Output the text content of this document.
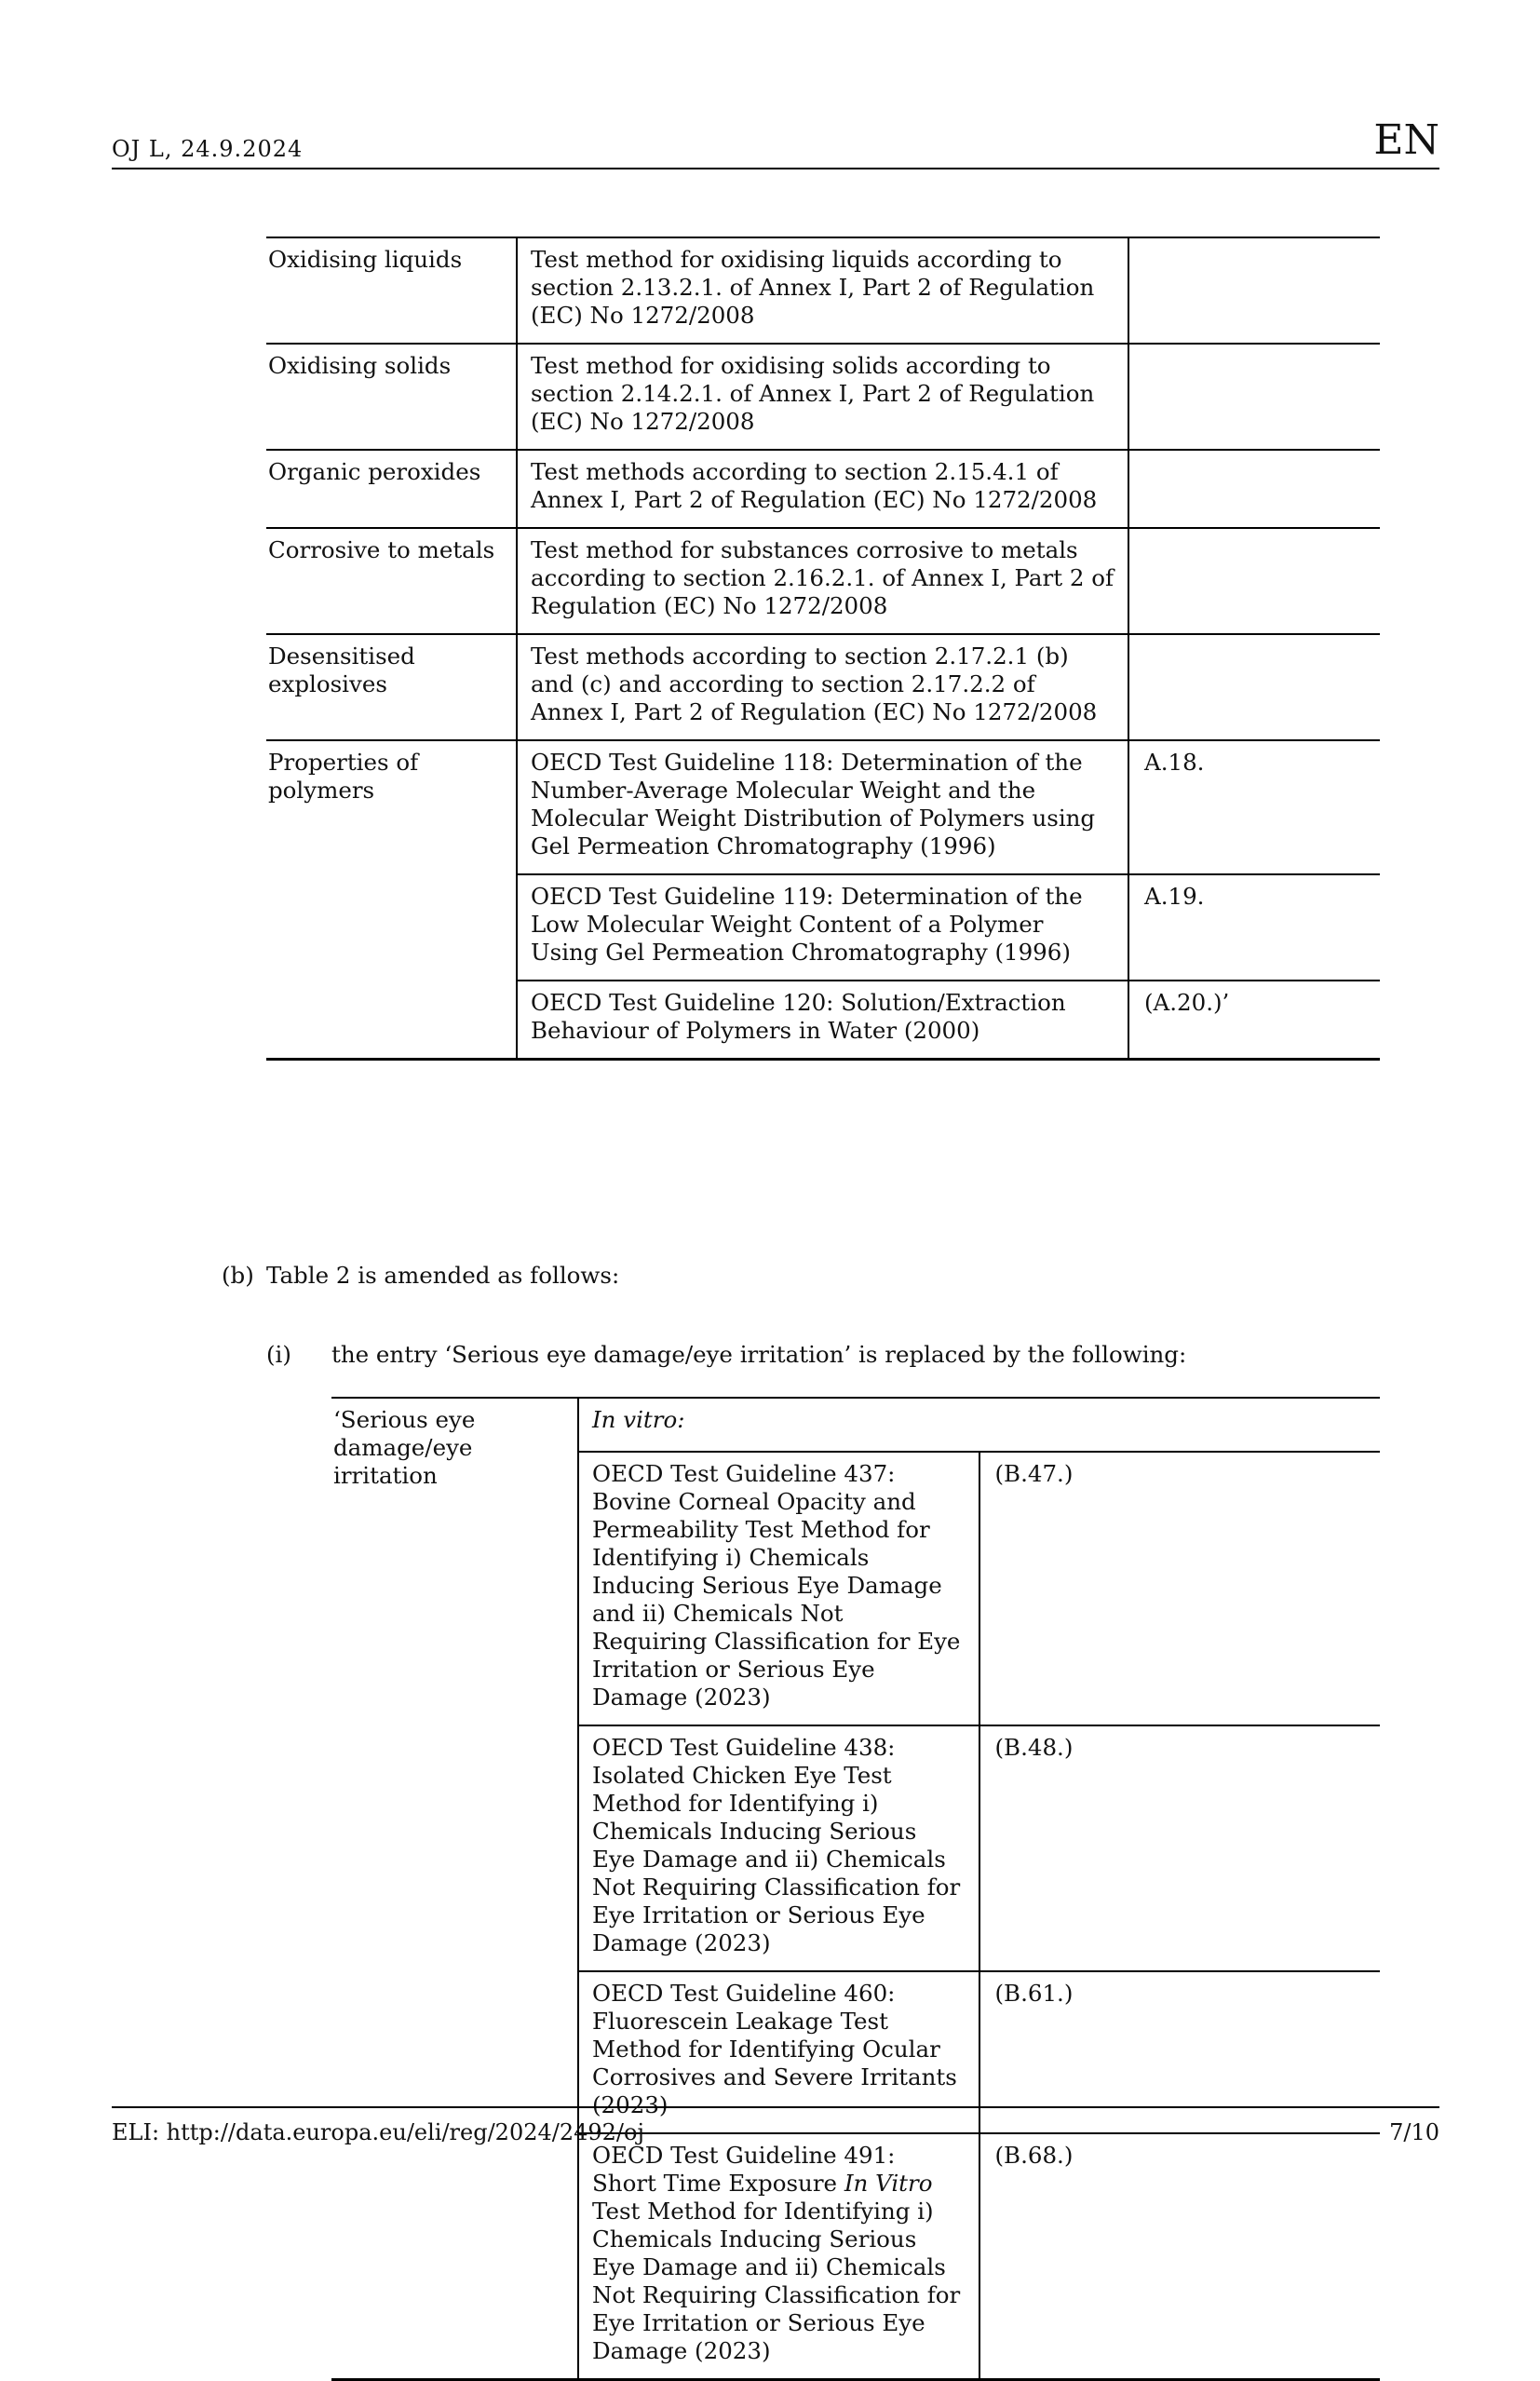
OJ L, 24.9.2024	EN
Oxidising liquids	Test method for oxidising liquids according to section 2.13.2.1. of Annex I, Part 2 of Regulation (EC) No 1272/2008	
Oxidising solids	Test method for oxidising solids according to section 2.14.2.1. of Annex I, Part 2 of Regulation (EC) No 1272/2008	
Organic peroxides	Test methods according to section 2.15.4.1 of Annex I, Part 2 of Regulation (EC) No 1272/2008	
Corrosive to metals	Test method for substances corrosive to metals according to section 2.16.2.1. of Annex I, Part 2 of Regulation (EC) No 1272/2008	
Desensitised explosives	Test methods according to section 2.17.2.1 (b) and (c) and according to section 2.17.2.2 of Annex I, Part 2 of Regulation (EC) No 1272/2008	
Properties of polymers	OECD Test Guideline 118: Determination of the Number-Average Molecular Weight and the Molecular Weight Distribution of Polymers using Gel Permeation Chromatography (1996)	A.18.
	OECD Test Guideline 119: Determination of the Low Molecular Weight Content of a Polymer Using Gel Permeation Chromatography (1996)	A.19.
	OECD Test Guideline 120: Solution/Extraction Behaviour of Polymers in Water (2000)	(A.20.)’
(b) Table 2 is amended as follows:
(i) the entry ‘Serious eye damage/eye irritation’ is replaced by the following:
‘Serious eye damage/eye irritation	In vitro:	
	OECD Test Guideline 437: Bovine Corneal Opacity and Permeability Test Method for Identifying i) Chemicals Inducing Serious Eye Damage and ii) Chemicals Not Requiring Classification for Eye Irritation or Serious Eye Damage (2023)	(B.47.)
	OECD Test Guideline 438: Isolated Chicken Eye Test Method for Identifying i) Chemicals Inducing Serious Eye Damage and ii) Chemicals Not Requiring Classification for Eye Irritation or Serious Eye Damage (2023)	(B.48.)
	OECD Test Guideline 460: Fluorescein Leakage Test Method for Identifying Ocular Corrosives and Severe Irritants (2023)	(B.61.)
	OECD Test Guideline 491: Short Time Exposure In Vitro Test Method for Identifying i) Chemicals Inducing Serious Eye Damage and ii) Chemicals Not Requiring Classification for Eye Irritation or Serious Eye Damage (2023)	(B.68.)
ELI: http://data.europa.eu/eli/reg/2024/2492/oj	7/10
